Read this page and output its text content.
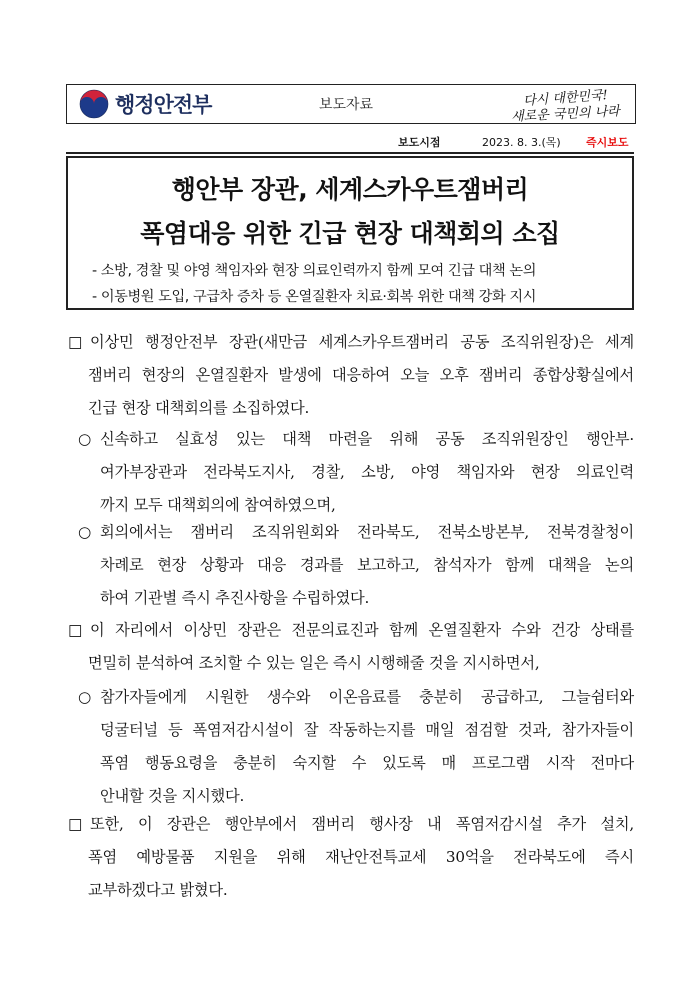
행정안전부	보도자료	다시 대한민국!
새로운 국민의 나라
보도시점	2023. 8. 3.(목) 즉시보도
행안부 장관, 세계스카우트잼버리
폭염대응 위한 긴급 현장 대책회의 소집
- 소방, 경찰 및 야영 책임자와 현장 의료인력까지 함께 모여 긴급 대책 논의
- 이동병원 도입, 구급차 증차 등 온열질환자 치료·회복 위한 대책 강화 지시
□ 이상민 행정안전부 장관(새만금 세계스카우트잼버리 공동 조직위원장)은 세계
잼버리 현장의 온열질환자 발생에 대응하여 오늘 오후 잼버리 종합상황실에서
긴급 현장 대책회의를 소집하였다.
○ 신속하고 실효성 있는 대책 마련을 위해 공동 조직위원장인 행안부·
여가부장관과 전라북도지사, 경찰, 소방, 야영 책임자와 현장 의료인력
까지 모두 대책회의에 참여하였으며,
○ 회의에서는 잼버리 조직위원회와 전라북도, 전북소방본부, 전북경찰청이
차례로 현장 상황과 대응 경과를 보고하고, 참석자가 함께 대책을 논의
하여 기관별 즉시 추진사항을 수립하였다.
□ 이 자리에서 이상민 장관은 전문의료진과 함께 온열질환자 수와 건강 상태를
면밀히 분석하여 조치할 수 있는 일은 즉시 시행해줄 것을 지시하면서,
○ 참가자들에게 시원한 생수와 이온음료를 충분히 공급하고, 그늘쉼터와
덩굴터널 등 폭염저감시설이 잘 작동하는지를 매일 점검할 것과, 참가자들이
폭염 행동요령을 충분히 숙지할 수 있도록 매 프로그램 시작 전마다
안내할 것을 지시했다.
□ 또한, 이 장관은 행안부에서 잼버리 행사장 내 폭염저감시설 추가 설치,
폭염 예방물품 지원을 위해 재난안전특교세 30억을 전라북도에 즉시
교부하겠다고 밝혔다.
